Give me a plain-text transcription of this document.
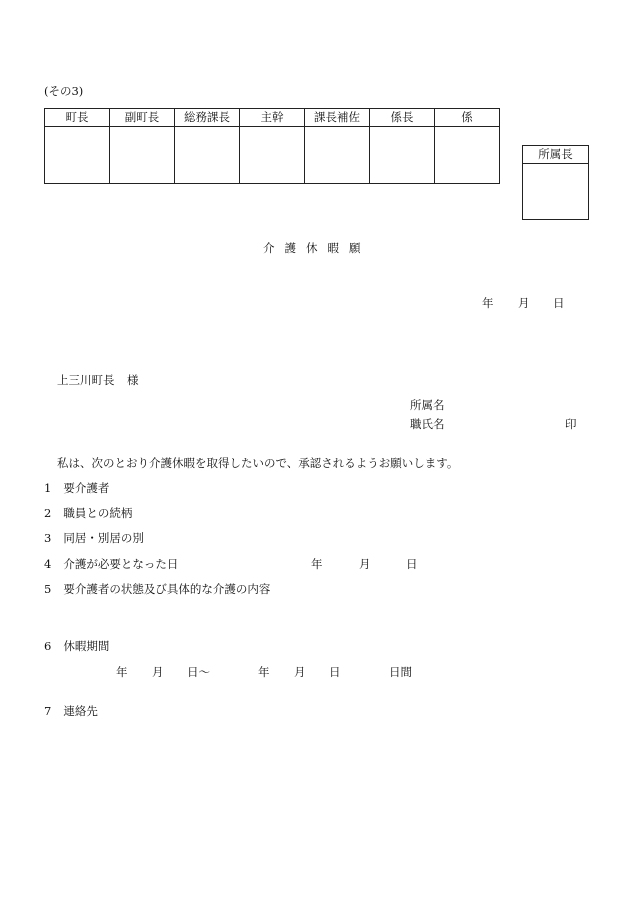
(その3)
町長	副町長	総務課長	主幹	課長補佐	係長	係

所属長
介護休暇願
年 月 日
上三川町長 様
所属名
職氏名	印
私は、次のとおり介護休暇を取得したいので、承認されるようお願いします。
1 要介護者
2 職員との続柄
3 同居・別居の別
4 介護が必要となった日	年	月	日
5 要介護者の状態及び具体的な介護の内容
6 休暇期間
年 月 日〜	年 月 日	日間
7 連絡先
